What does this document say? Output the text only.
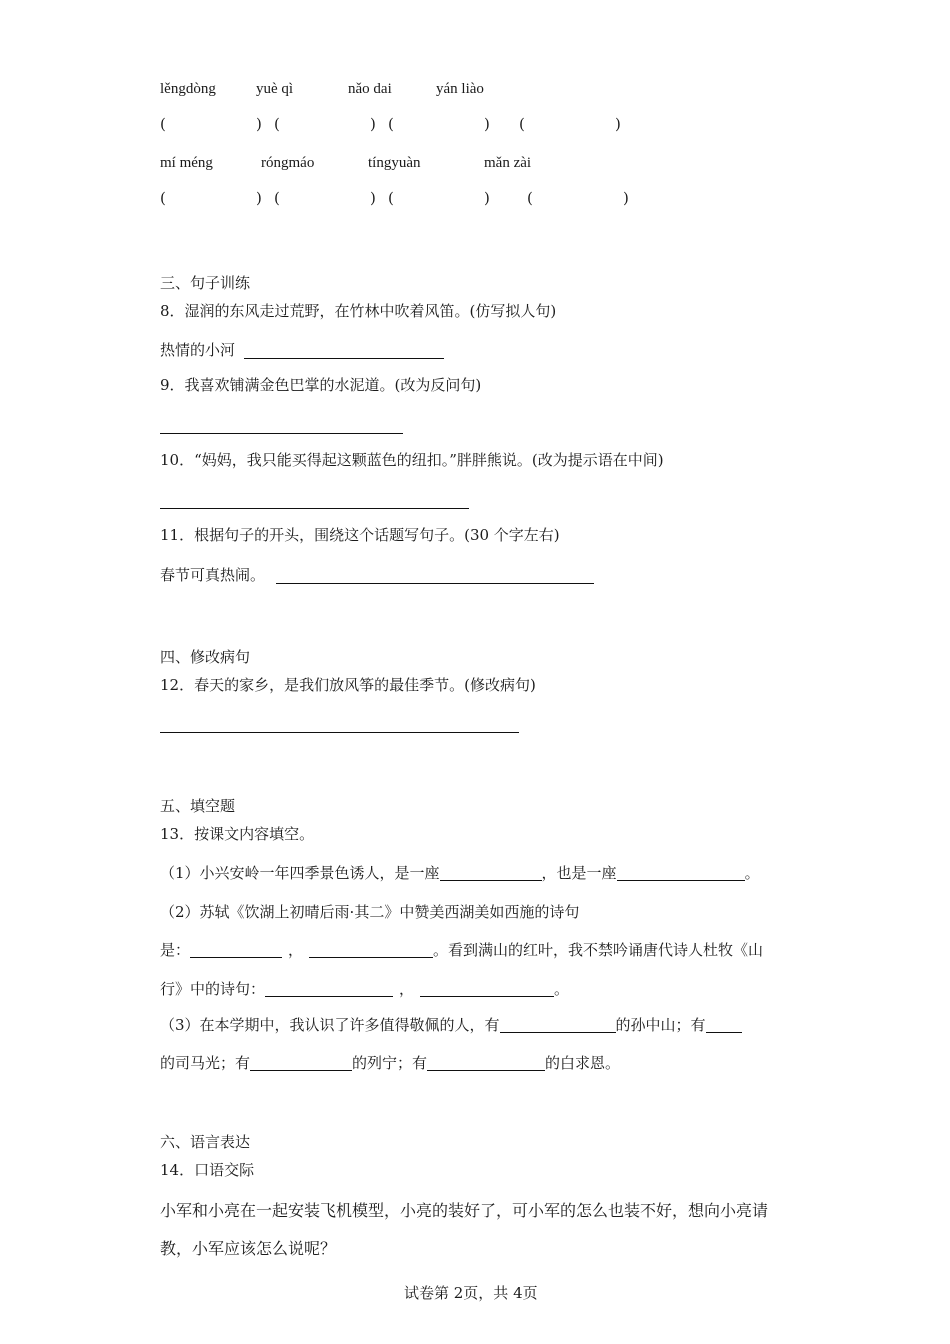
lěngdòng	yuè qì	nǎo dai	yán liào
(	) (	) (	) (	)
mí méng	róngmáo	tíngyuàn	mǎn zài
(	) (	) (	) (	)
三、句子训练
8．湿润的东风走过荒野，在竹林中吹着风笛。(仿写拟人句)
热情的小河
9．我喜欢铺满金色巴掌的水泥道。(改为反问句)
10．“妈妈，我只能买得起这颗蓝色的纽扣。”胖胖熊说。(改为提示语在中间)
11．根据句子的开头，围绕这个话题写句子。(30 个字左右)
春节可真热闹。
四、修改病句
12．春天的家乡，是我们放风筝的最佳季节。(修改病句)
五、填空题
13．按课文内容填空。
（1）小兴安岭一年四季景色诱人，是一座	，也是一座	。
（2）苏轼《饮湖上初晴后雨·其二》中赞美西湖美如西施的诗句
是：	，	。看到满山的红叶，我不禁吟诵唐代诗人杜牧《山
行》中的诗句：	，	。
（3）在本学期中，我认识了许多值得敬佩的人，有	的孙中山；有
的司马光；有	的列宁；有	的白求恩。
六、语言表达
14．口语交际
小军和小亮在一起安装飞机模型，小亮的装好了，可小军的怎么也装不好，想向小亮请
教，小军应该怎么说呢？
试卷第 2页，共 4页
